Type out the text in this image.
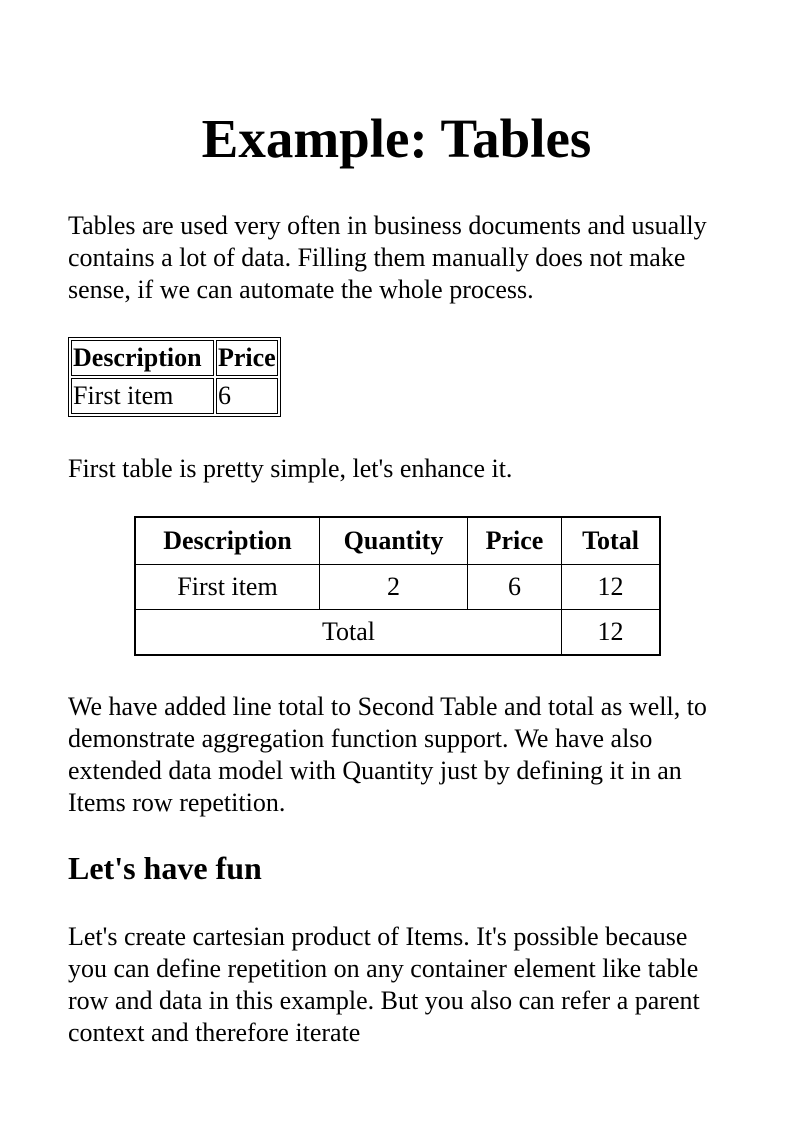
Example: Tables

Tables are used very often in business documents and usually contains a lot of data. Filling them manually does not make sense, if we can automate the whole process.

Description	Price
First item	6

First table is pretty simple, let's enhance it.

Description	Quantity	Price	Total
First item	2	6	12
Total			12

We have added line total to Second Table and total as well, to demonstrate aggregation function support. We have also extended data model with Quantity just by defining it in an Items row repetition.

Let's have fun

Let's create cartesian product of Items. It's possible because you can define repetition on any container element like table row and data in this example. But you also can refer a parent context and therefore iterate
